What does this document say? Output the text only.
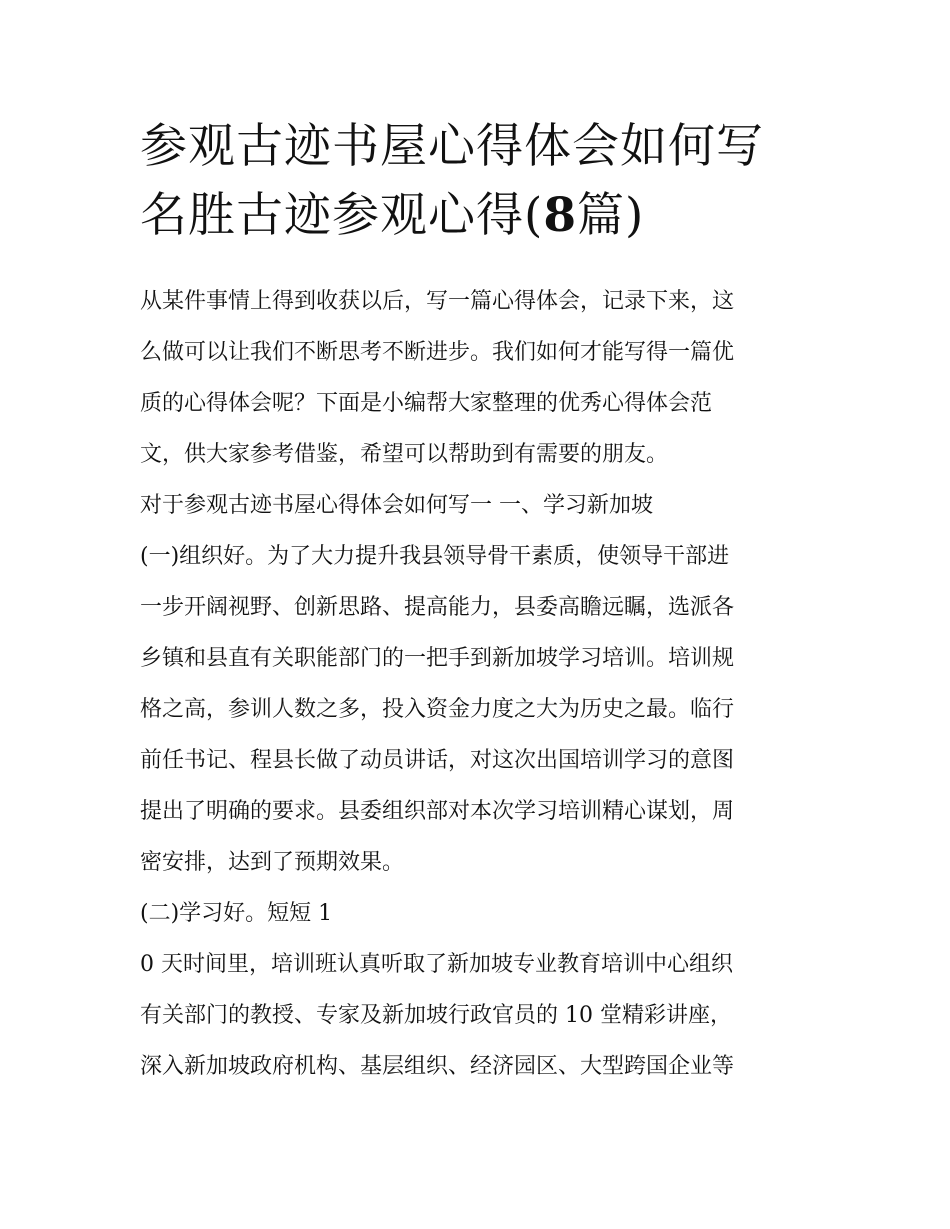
参观古迹书屋心得体会如何写
名胜古迹参观心得(8篇)

从某件事情上得到收获以后，写一篇心得体会，记录下来，这

么做可以让我们不断思考不断进步。我们如何才能写得一篇优

质的心得体会呢？下面是小编帮大家整理的优秀心得体会范

文，供大家参考借鉴，希望可以帮助到有需要的朋友。

对于参观古迹书屋心得体会如何写一 一、学习新加坡

(一)组织好。为了大力提升我县领导骨干素质，使领导干部进

一步开阔视野、创新思路、提高能力，县委高瞻远瞩，选派各

乡镇和县直有关职能部门的一把手到新加坡学习培训。培训规

格之高，参训人数之多，投入资金力度之大为历史之最。临行

前任书记、程县长做了动员讲话，对这次出国培训学习的意图

提出了明确的要求。县委组织部对本次学习培训精心谋划，周

密安排，达到了预期效果。

(二)学习好。短短 1

0 天时间里，培训班认真听取了新加坡专业教育培训中心组织

有关部门的教授、专家及新加坡行政官员的 10 堂精彩讲座，

深入新加坡政府机构、基层组织、经济园区、大型跨国企业等
